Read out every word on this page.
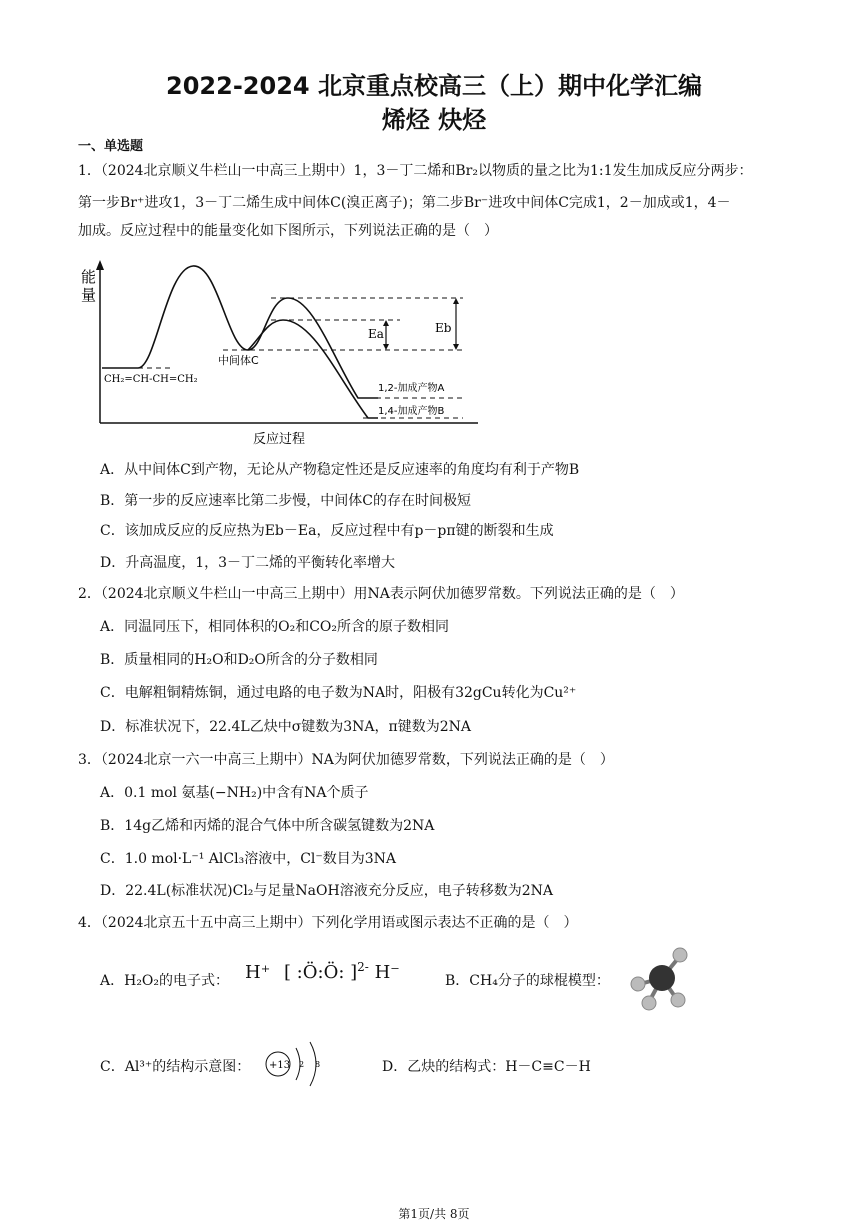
2022-2024 北京重点校高三（上）期中化学汇编
烯烃 炔烃
一、单选题
1．（2024北京顺义牛栏山一中高三上期中）1，3－丁二烯和Br₂以物质的量之比为1:1发生加成反应分两步：
第一步Br⁺进攻1，3－丁二烯生成中间体C(溴正离子)；第二步Br⁻进攻中间体C完成1，2－加成或1，4－
加成。反应过程中的能量变化如下图所示，下列说法正确的是（　）
能
量
反应过程
Ea	Eb
CH₂=CH-CH=CH₂
中间体C
1,2-加成产物A
1,4-加成产物B
A．从中间体C到产物，无论从产物稳定性还是反应速率的角度均有利于产物B
B．第一步的反应速率比第二步慢，中间体C的存在时间极短
C．该加成反应的反应热为Eb－Ea，反应过程中有p－pπ键的断裂和生成
D．升高温度，1，3－丁二烯的平衡转化率增大
2．（2024北京顺义牛栏山一中高三上期中）用NA表示阿伏加德罗常数。下列说法正确的是（　）
A．同温同压下，相同体积的O₂和CO₂所含的原子数相同
B．质量相同的H₂O和D₂O所含的分子数相同
C．电解粗铜精炼铜，通过电路的电子数为NA时，阳极有32gCu转化为Cu²⁺
D．标准状况下，22.4L乙炔中σ键数为3NA，π键数为2NA
3．（2024北京一六一中高三上期中）NA为阿伏加德罗常数，下列说法正确的是（　）
A．0.1 mol 氨基(−NH₂)中含有NA个质子
B．14g乙烯和丙烯的混合气体中所含碳氢键数为2NA
C．1.0 mol·L⁻¹ AlCl₃溶液中，Cl⁻数目为3NA
D．22.4L(标准状况)Cl₂与足量NaOH溶液充分反应，电子转移数为2NA
4．（2024北京五十五中高三上期中）下列化学用语或图示表达不正确的是（　）
A．H₂O₂的电子式： H⁺ [ :Ö:Ö: ]$^{2-}$ H⁻	B．CH₄分子的球棍模型：
C．Al³⁺的结构示意图： +13 2 8	D．乙炔的结构式：H－C≡C－H
第1页/共 8页
